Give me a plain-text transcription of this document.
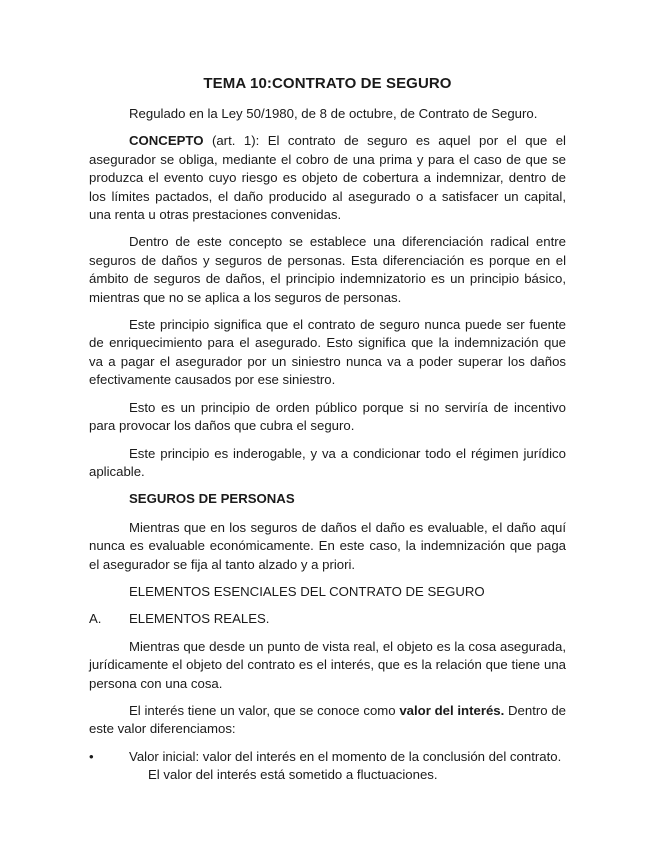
TEMA 10:CONTRATO DE SEGURO

Regulado en la Ley 50/1980, de 8 de octubre, de Contrato de Seguro.

CONCEPTO (art. 1): El contrato de seguro es aquel por el que el asegurador se obliga, mediante el cobro de una prima y para el caso de que se produzca el evento cuyo riesgo es objeto de cobertura a indemnizar, dentro de los límites pactados, el daño producido al asegurado o a satisfacer un capital, una renta u otras prestaciones convenidas.

Dentro de este concepto se establece una diferenciación radical entre seguros de daños y seguros de personas. Esta diferenciación es porque en el ámbito de seguros de daños, el principio indemnizatorio es un principio básico, mientras que no se aplica a los seguros de personas.

Este principio significa que el contrato de seguro nunca puede ser fuente de enriquecimiento para el asegurado. Esto significa que la indemnización que va a pagar el asegurador por un siniestro nunca va a poder superar los daños efectivamente causados por ese siniestro.

Esto es un principio de orden público porque si no serviría de incentivo para provocar los daños que cubra el seguro.

Este principio es inderogable, y va a condicionar todo el régimen jurídico aplicable.

SEGUROS DE PERSONAS

Mientras que en los seguros de daños el daño es evaluable, el daño aquí nunca es evaluable económicamente. En este caso, la indemnización que paga el asegurador se fija al tanto alzado y a priori.

ELEMENTOS ESENCIALES DEL CONTRATO DE SEGURO

A.	ELEMENTOS REALES.

Mientras que desde un punto de vista real, el objeto es la cosa asegurada, jurídicamente el objeto del contrato es el interés, que es la relación que tiene una persona con una cosa.

El interés tiene un valor, que se conoce como valor del interés. Dentro de este valor diferenciamos:

•	Valor inicial: valor del interés en el momento de la conclusión del contrato.
El valor del interés está sometido a fluctuaciones.
